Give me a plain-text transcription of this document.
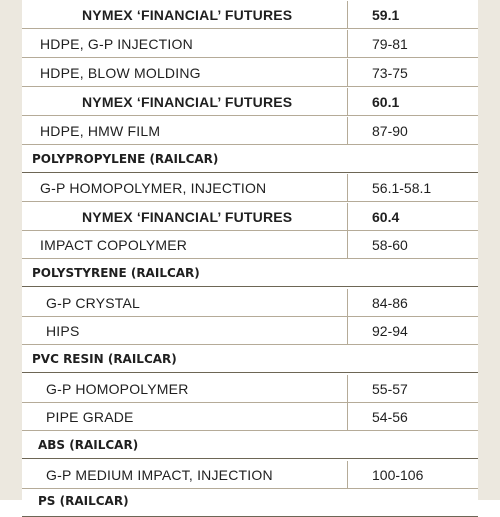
NYMEX ‘FINANCIAL’ FUTURES	59.1
HDPE, G-P INJECTION	79-81
HDPE, BLOW MOLDING	73-75
NYMEX ‘FINANCIAL’ FUTURES	60.1
HDPE, HMW FILM	87-90
POLYPROPYLENE (RAILCAR)
G-P HOMOPOLYMER, INJECTION	56.1-58.1
NYMEX ‘FINANCIAL’ FUTURES	60.4
IMPACT COPOLYMER	58-60
POLYSTYRENE (RAILCAR)
G-P CRYSTAL	84-86
HIPS	92-94
PVC RESIN (RAILCAR)
G-P HOMOPOLYMER	55-57
PIPE GRADE	54-56
ABS (RAILCAR)
G-P MEDIUM IMPACT, INJECTION	100-106
PS (RAILCAR)
